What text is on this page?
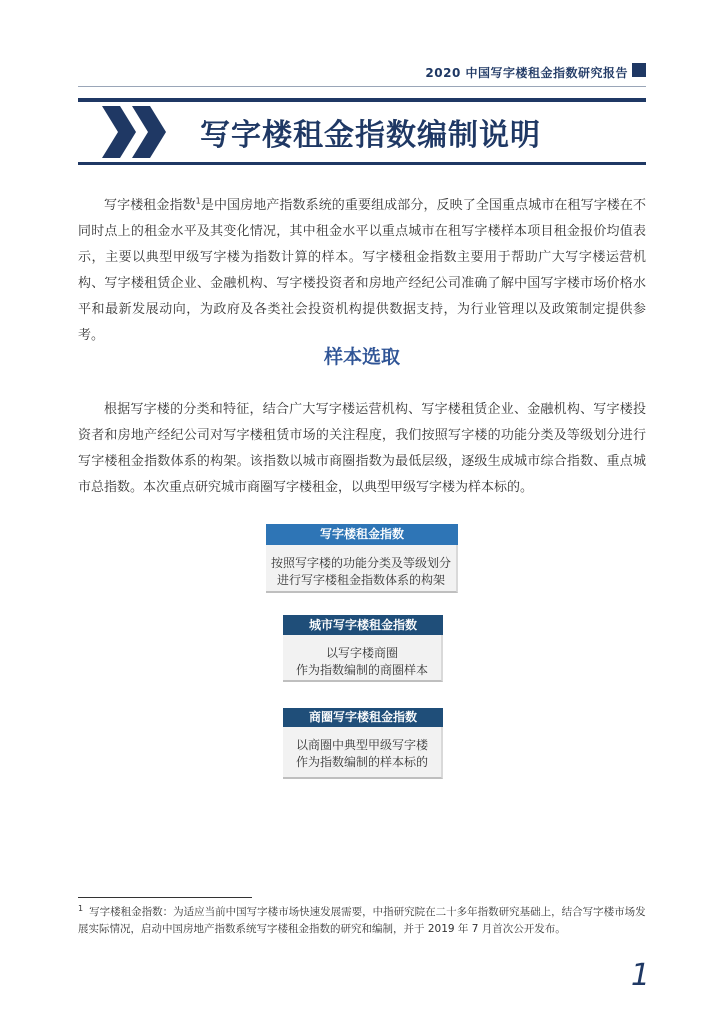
2020 中国写字楼租金指数研究报告
写字楼租金指数编制说明
写字楼租金指数$^1$是中国房地产指数系统的重要组成部分，反映了全国重点城市在租写字楼在不同时点上的租金水平及其变化情况，其中租金水平以重点城市在租写字楼样本项目租金报价均值表示，主要以典型甲级写字楼为指数计算的样本。写字楼租金指数主要用于帮助广大写字楼运营机构、写字楼租赁企业、金融机构、写字楼投资者和房地产经纪公司准确了解中国写字楼市场价格水平和最新发展动向，为政府及各类社会投资机构提供数据支持，为行业管理以及政策制定提供参考。
样本选取
根据写字楼的分类和特征，结合广大写字楼运营机构、写字楼租赁企业、金融机构、写字楼投资者和房地产经纪公司对写字楼租赁市场的关注程度，我们按照写字楼的功能分类及等级划分进行写字楼租金指数体系的构架。该指数以城市商圈指数为最低层级，逐级生成城市综合指数、重点城市总指数。本次重点研究城市商圈写字楼租金，以典型甲级写字楼为样本标的。
写字楼租金指数
按照写字楼的功能分类及等级划分
进行写字楼租金指数体系的构架
城市写字楼租金指数
以写字楼商圈
作为指数编制的商圈样本
商圈写字楼租金指数
以商圈中典型甲级写字楼
作为指数编制的样本标的
$^1$ 写字楼租金指数：为适应当前中国写字楼市场快速发展需要，中指研究院在二十多年指数研究基础上，结合写字楼市场发展实际情况，启动中国房地产指数系统写字楼租金指数的研究和编制，并于 2019 年 7 月首次公开发布。
1
